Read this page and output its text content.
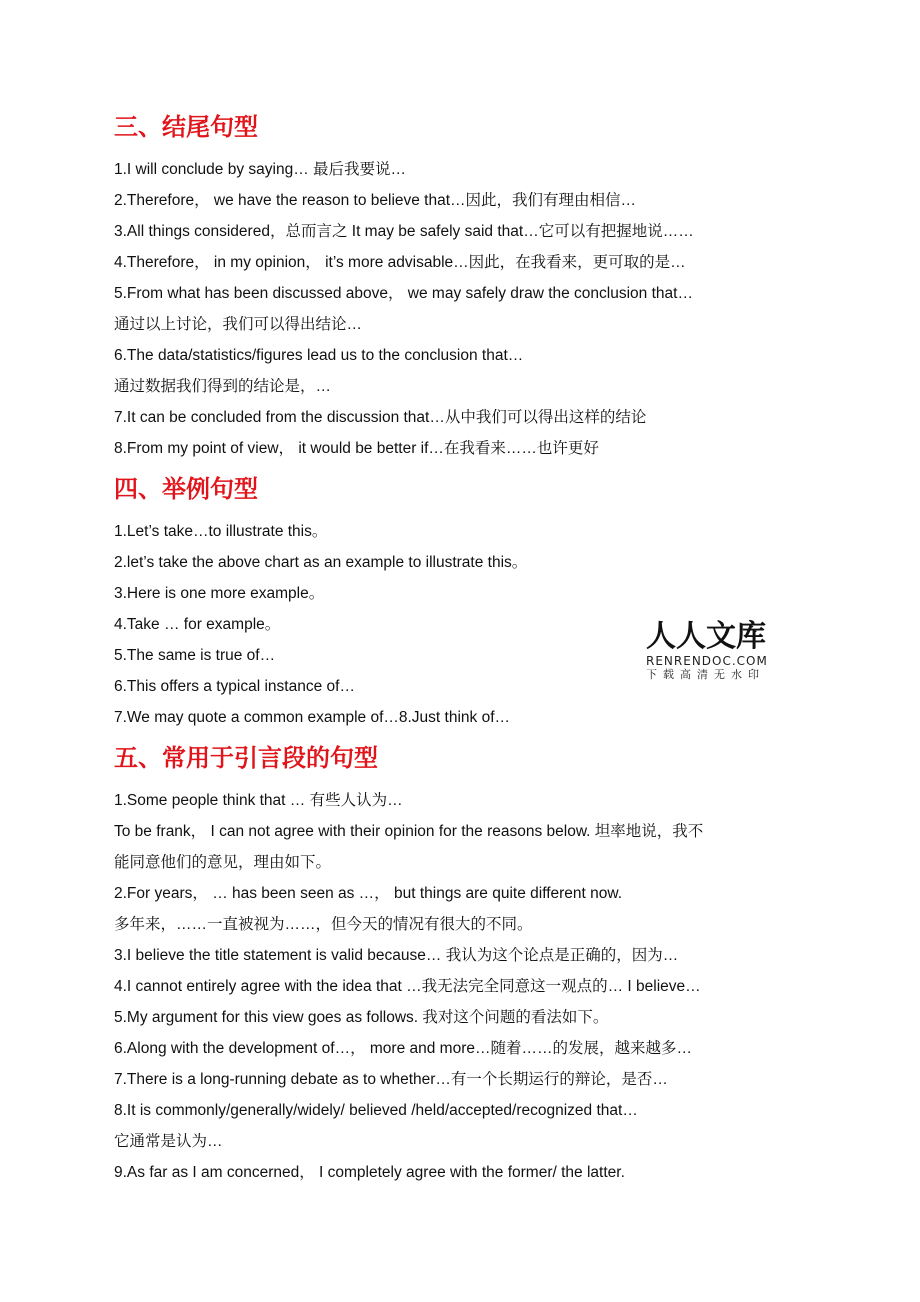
三、结尾句型
1.I will conclude by saying… 最后我要说…
2.Therefore， we have the reason to believe that…因此，我们有理由相信…
3.All things considered，总而言之 It may be safely said that…它可以有把握地说……
4.Therefore， in my opinion， it’s more advisable…因此，在我看来，更可取的是…
5.From what has been discussed above， we may safely draw the conclusion that…
通过以上讨论，我们可以得出结论…
6.The data/statistics/figures lead us to the conclusion that…
通过数据我们得到的结论是，…
7.It can be concluded from the discussion that…从中我们可以得出这样的结论
8.From my point of view， it would be better if…在我看来……也许更好
四、举例句型
1.Let’s take…to illustrate this。
2.let’s take the above chart as an example to illustrate this。
3.Here is one more example。
4.Take … for example。
5.The same is true of…
6.This offers a typical instance of…
7.We may quote a common example of…8.Just think of…
五、常用于引言段的句型
1.Some people think that … 有些人认为…
To be frank， I can not agree with their opinion for the reasons below. 坦率地说，我不
能同意他们的意见，理由如下。
2.For years， … has been seen as …， but things are quite different now.
多年来，……一直被视为……，但今天的情况有很大的不同。
3.I believe the title statement is valid because… 我认为这个论点是正确的，因为…
4.I cannot entirely agree with the idea that …我无法完全同意这一观点的… I believe…
5.My argument for this view goes as follows. 我对这个问题的看法如下。
6.Along with the development of…， more and more…随着……的发展，越来越多…
7.There is a long-running debate as to whether…有一个长期运行的辩论，是否…
8.It is commonly/generally/widely/ believed /held/accepted/recognized that…
它通常是认为…
9.As far as I am concerned， I completely agree with the former/ the latter.
人人文库
RENRENDOC.COM
下载高清无水印
